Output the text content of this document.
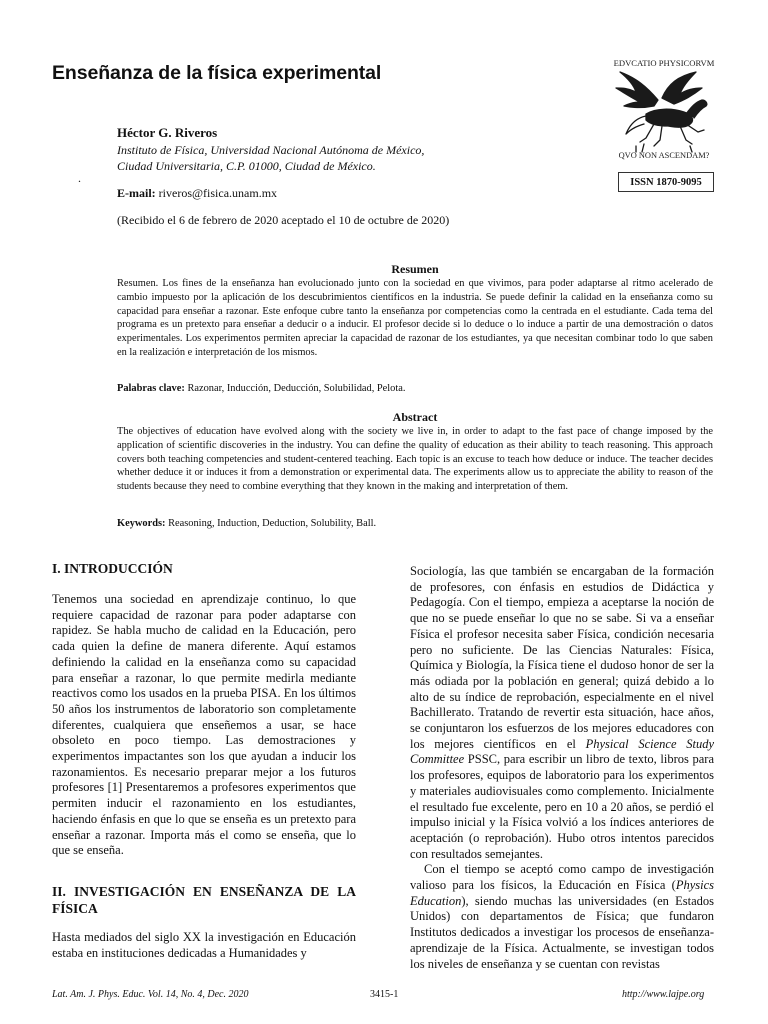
Enseñanza de la física experimental	EDVCATIO PHYSICORVM
QVO NON ASCENDAM?
ISSN 1870-9095
Héctor G. Riveros
Instituto de Física, Universidad Nacional Autónoma de México,
Ciudad Universitaria, C.P. 01000, Ciudad de México.
.
E-mail: riveros@fisica.unam.mx
(Recibido el 6 de febrero de 2020 aceptado el 10 de octubre de 2020)
Resumen
Resumen. Los fines de la enseñanza han evolucionado junto con la sociedad en que vivimos, para poder adaptarse al ritmo acelerado de cambio impuesto por la aplicación de los descubrimientos científicos en la industria. Se puede definir la calidad en la enseñanza como su capacidad para enseñar a razonar. Este enfoque cubre tanto la enseñanza por competencias como la centrada en el estudiante. Cada tema del programa es un pretexto para enseñar a deducir o a inducir. El profesor decide si lo deduce o lo induce a partir de una demostración o datos experimentales. Los experimentos permiten apreciar la capacidad de razonar de los estudiantes, ya que necesitan combinar todo lo que saben en la realización e interpretación de los mismos.
Palabras clave: Razonar, Inducción, Deducción, Solubilidad, Pelota.
Abstract
The objectives of education have evolved along with the society we live in, in order to adapt to the fast pace of change imposed by the application of scientific discoveries in the industry. You can define the quality of education as their ability to teach reasoning. This approach covers both teaching competencies and student-centered teaching. Each topic is an excuse to teach how deduce or induce. The teacher decides whether deduce it or induces it from a demonstration or experimental data. The experiments allow us to appreciate the ability to reason of the students because they need to combine everything that they known in the making and interpretation of them.
Keywords: Reasoning, Induction, Deduction, Solubility, Ball.
I. INTRODUCCIÓN

Tenemos una sociedad en aprendizaje continuo, lo que requiere capacidad de razonar para poder adaptarse con rapidez. Se habla mucho de calidad en la Educación, pero cada quien la define de manera diferente. Aquí estamos definiendo la calidad en la enseñanza como su capacidad para enseñar a razonar, lo que permite medirla mediante reactivos como los usados en la prueba PISA. En los últimos 50 años los instrumentos de laboratorio son completamente diferentes, cualquiera que enseñemos a usar, se hace obsoleto en poco tiempo. Las demostraciones y experimentos impactantes son los que ayudan a inducir los razonamientos. Es necesario preparar mejor a los futuros profesores [1] Presentaremos a profesores experimentos que permiten inducir el razonamiento en los estudiantes, haciendo énfasis en que lo que se enseña es un pretexto para enseñar a razonar. Importa más el como se enseña, que lo que se enseña.

II. INVESTIGACIÓN EN ENSEÑANZA DE LA FÍSICA

Hasta mediados del siglo XX la investigación en Educación estaba en instituciones dedicadas a Humanidades y

Sociología, las que también se encargaban de la formación de profesores, con énfasis en estudios de Didáctica y Pedagogía. Con el tiempo, empieza a aceptarse la noción de que no se puede enseñar lo que no se sabe. Si va a enseñar Física el profesor necesita saber Física, condición necesaria pero no suficiente. De las Ciencias Naturales: Física, Química y Biología, la Física tiene el dudoso honor de ser la más odiada por la población en general; quizá debido a lo alto de su índice de reprobación, especialmente en el nivel Bachillerato. Tratando de revertir esta situación, hace años, se conjuntaron los esfuerzos de los mejores educadores con los mejores científicos en el Physical Science Study Committee PSSC, para escribir un libro de texto, libros para los profesores, equipos de laboratorio para los experimentos y materiales audiovisuales como complemento. Inicialmente el resultado fue excelente, pero en 10 a 20 años, se perdió el impulso inicial y la Física volvió a los índices anteriores de aceptación (o reprobación). Hubo otros intentos parecidos con resultados semejantes.

Con el tiempo se aceptó como campo de investigación valioso para los físicos, la Educación en Física (Physics Education), siendo muchas las universidades (en Estados Unidos) con departamentos de Física; que fundaron Institutos dedicados a investigar los procesos de enseñanza-aprendizaje de la Física. Actualmente, se investigan todos los niveles de enseñanza y se cuentan con revistas

Lat. Am. J. Phys. Educ. Vol. 14, No. 4, Dec. 2020	3415-1	http://www.lajpe.org
